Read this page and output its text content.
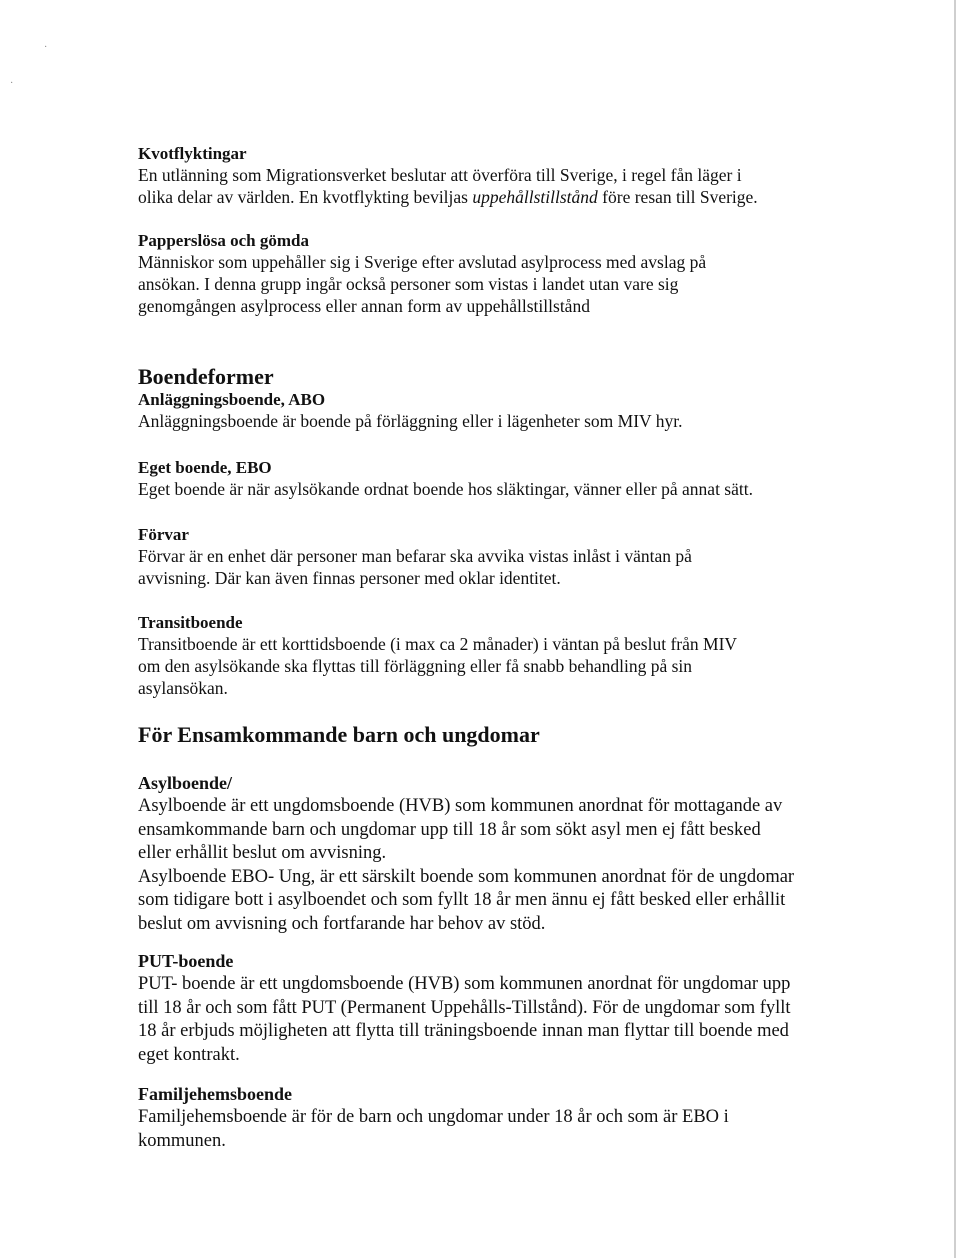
·
·
Kvotflyktingar
En utlänning som Migrationsverket beslutar att överföra till Sverige, i regel fån läger i
olika delar av världen. En kvotflykting beviljas uppehållstillstånd före resan till Sverige.
Papperslösa och gömda
Människor som uppehåller sig i Sverige efter avslutad asylprocess med avslag på
ansökan. I denna grupp ingår också personer som vistas i landet utan vare sig
genomgången asylprocess eller annan form av uppehållstillstånd
Boendeformer
Anläggningsboende, ABO
Anläggningsboende är boende på förläggning eller i lägenheter som MIV hyr.
Eget boende, EBO
Eget boende är när asylsökande ordnat boende hos släktingar, vänner eller på annat sätt.
Förvar
Förvar är en enhet där personer man befarar ska avvika vistas inlåst i väntan på
avvisning. Där kan även finnas personer med oklar identitet.
Transitboende
Transitboende är ett korttidsboende (i max ca 2 månader) i väntan på beslut från MIV
om den asylsökande ska flyttas till förläggning eller få snabb behandling på sin
asylansökan.
För Ensamkommande barn och ungdomar
Asylboende/
Asylboende är ett ungdomsboende (HVB) som kommunen anordnat för mottagande av
ensamkommande barn och ungdomar upp till 18 år som sökt asyl men ej fått besked
eller erhållit beslut om avvisning.
Asylboende EBO- Ung, är ett särskilt boende som kommunen anordnat för de ungdomar
som tidigare bott i asylboendet och som fyllt 18 år men ännu ej fått besked eller erhållit
beslut om avvisning och fortfarande har behov av stöd.
PUT-boende
PUT- boende är ett ungdomsboende (HVB) som kommunen anordnat för ungdomar upp
till 18 år och som fått PUT (Permanent Uppehålls-Tillstånd). För de ungdomar som fyllt
18 år erbjuds möjligheten att flytta till träningsboende innan man flyttar till boende med
eget kontrakt.
Familjehemsboende
Familjehemsboende är för de barn och ungdomar under 18 år och som är EBO i
kommunen.
